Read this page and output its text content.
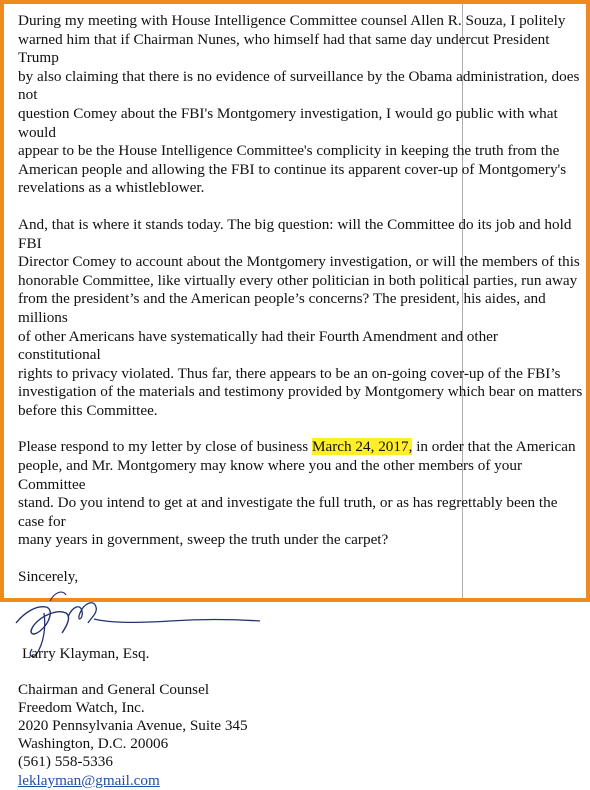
During my meeting with House Intelligence Committee counsel Allen R. Souza, I politely
warned him that if Chairman Nunes, who himself had that same day undercut President Trump
by also claiming that there is no evidence of surveillance by the Obama administration, does not
question Comey about the FBI's Montgomery investigation, I would go public with what would
appear to be the House Intelligence Committee's complicity in keeping the truth from the
American people and allowing the FBI to continue its apparent cover-up of Montgomery's
revelations as a whistleblower.

And, that is where it stands today. The big question: will the Committee do its job and hold FBI
Director Comey to account about the Montgomery investigation, or will the members of this
honorable Committee, like virtually every other politician in both political parties, run away
from the president’s and the American people’s concerns? The president, his aides, and millions
of other Americans have systematically had their Fourth Amendment and other constitutional
rights to privacy violated. Thus far, there appears to be an on-going cover-up of the FBI’s
investigation of the materials and testimony provided by Montgomery which bear on matters
before this Committee.

Please respond to my letter by close of business March 24, 2017, in order that the American
people, and Mr. Montgomery may know where you and the other members of your Committee
stand. Do you intend to get at and investigate the full truth, or as has regrettably been the case for
many years in government, sweep the truth under the carpet?

Sincerely,
Larry Klayman, Esq.
Chairman and General Counsel
Freedom Watch, Inc.
2020 Pennsylvania Avenue, Suite 345
Washington, D.C. 20006
(561) 558-5336
leklayman@gmail.com
